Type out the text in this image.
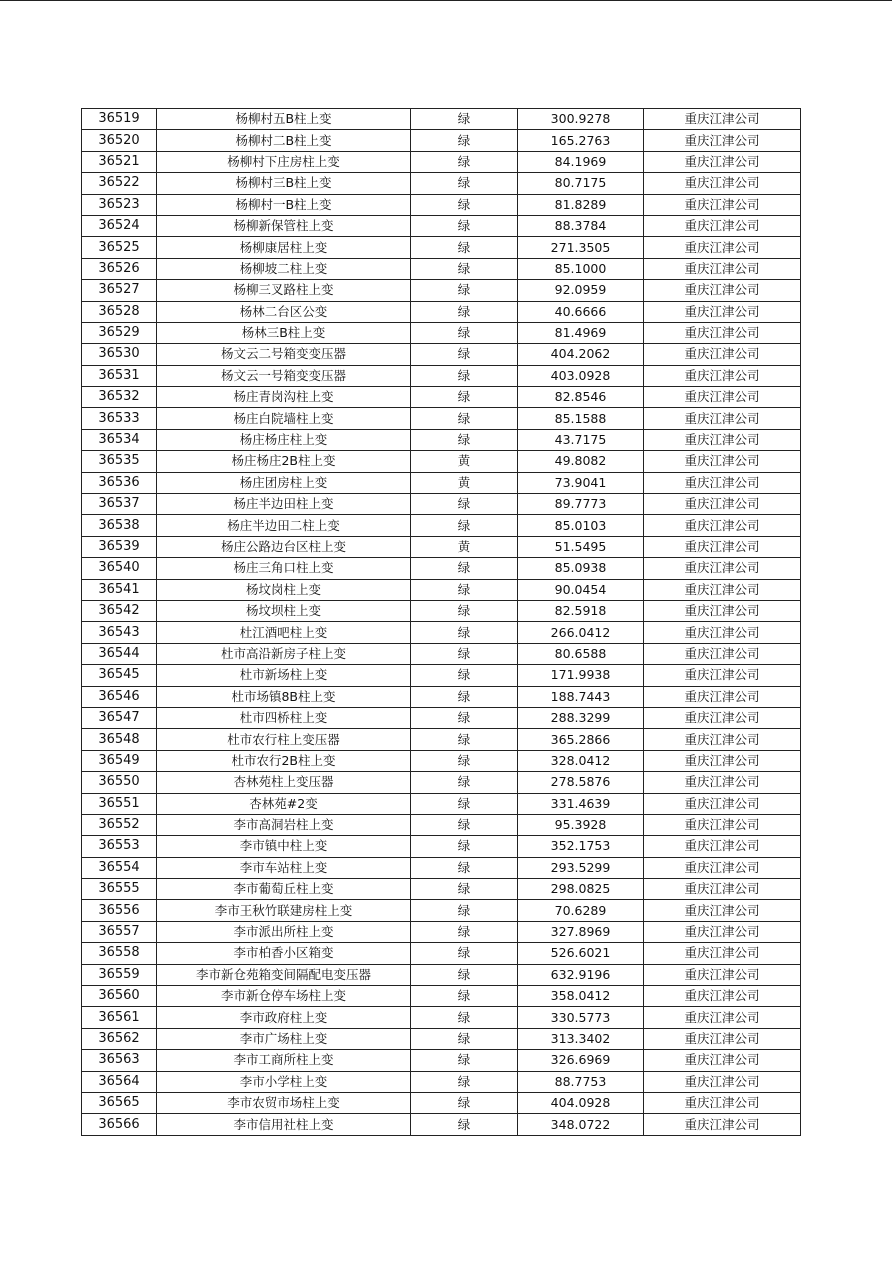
36519	杨柳村五B柱上变	绿	300.9278	重庆江津公司
36520	杨柳村二B柱上变	绿	165.2763	重庆江津公司
36521	杨柳村下庄房柱上变	绿	84.1969	重庆江津公司
36522	杨柳村三B柱上变	绿	80.7175	重庆江津公司
36523	杨柳村一B柱上变	绿	81.8289	重庆江津公司
36524	杨柳新保管柱上变	绿	88.3784	重庆江津公司
36525	杨柳康居柱上变	绿	271.3505	重庆江津公司
36526	杨柳坡二柱上变	绿	85.1000	重庆江津公司
36527	杨柳三叉路柱上变	绿	92.0959	重庆江津公司
36528	杨林二台区公变	绿	40.6666	重庆江津公司
36529	杨林三B柱上变	绿	81.4969	重庆江津公司
36530	杨文云二号箱变变压器	绿	404.2062	重庆江津公司
36531	杨文云一号箱变变压器	绿	403.0928	重庆江津公司
36532	杨庄青岗沟柱上变	绿	82.8546	重庆江津公司
36533	杨庄白院墙柱上变	绿	85.1588	重庆江津公司
36534	杨庄杨庄柱上变	绿	43.7175	重庆江津公司
36535	杨庄杨庄2B柱上变	黄	49.8082	重庆江津公司
36536	杨庄团房柱上变	黄	73.9041	重庆江津公司
36537	杨庄半边田柱上变	绿	89.7773	重庆江津公司
36538	杨庄半边田二柱上变	绿	85.0103	重庆江津公司
36539	杨庄公路边台区柱上变	黄	51.5495	重庆江津公司
36540	杨庄三角口柱上变	绿	85.0938	重庆江津公司
36541	杨坟岗柱上变	绿	90.0454	重庆江津公司
36542	杨坟坝柱上变	绿	82.5918	重庆江津公司
36543	杜江酒吧柱上变	绿	266.0412	重庆江津公司
36544	杜市高沿新房子柱上变	绿	80.6588	重庆江津公司
36545	杜市新场柱上变	绿	171.9938	重庆江津公司
36546	杜市场镇8B柱上变	绿	188.7443	重庆江津公司
36547	杜市四桥柱上变	绿	288.3299	重庆江津公司
36548	杜市农行柱上变压器	绿	365.2866	重庆江津公司
36549	杜市农行2B柱上变	绿	328.0412	重庆江津公司
36550	杏林苑柱上变压器	绿	278.5876	重庆江津公司
36551	杏林苑#2变	绿	331.4639	重庆江津公司
36552	李市高洞岩柱上变	绿	95.3928	重庆江津公司
36553	李市镇中柱上变	绿	352.1753	重庆江津公司
36554	李市车站柱上变	绿	293.5299	重庆江津公司
36555	李市葡萄丘柱上变	绿	298.0825	重庆江津公司
36556	李市王秋竹联建房柱上变	绿	70.6289	重庆江津公司
36557	李市派出所柱上变	绿	327.8969	重庆江津公司
36558	李市柏香小区箱变	绿	526.6021	重庆江津公司
36559	李市新仓苑箱变间隔配电变压器	绿	632.9196	重庆江津公司
36560	李市新仓停车场柱上变	绿	358.0412	重庆江津公司
36561	李市政府柱上变	绿	330.5773	重庆江津公司
36562	李市广场柱上变	绿	313.3402	重庆江津公司
36563	李市工商所柱上变	绿	326.6969	重庆江津公司
36564	李市小学柱上变	绿	88.7753	重庆江津公司
36565	李市农贸市场柱上变	绿	404.0928	重庆江津公司
36566	李市信用社柱上变	绿	348.0722	重庆江津公司
